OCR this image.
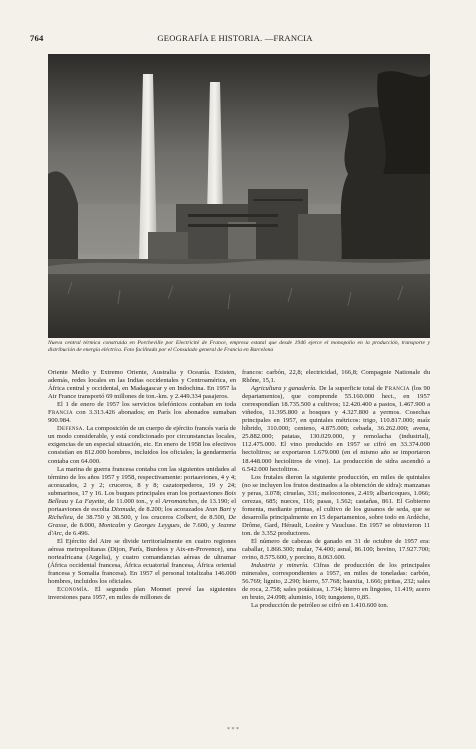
764	GEOGRAFÍA E HISTORIA. —FRANCIA
Nueva central térmica construida en Porcheville por Electricité de France, empresa estatal que desde 1946 ejerce el monopolio en la producción, transporte y distribución de energía eléctrica. Foto facilitada por el Consulado general de Francia en Barcelona

Oriente Medio y Extremo Oriente, Australia y Oceanía. Existen, además, redes locales en las Indias occidentales y Centroamérica, en África central y occidental, en Madagascar y en Indochina. En 1957 la Air France transportó 69 millones de ton.-km. y 2.449.334 pasajeros.

El 1 de enero de 1957 los servicios telefónicos contaban en toda Francia con 3.313.426 abonados; en París los abonados sumaban 900.984.

Defensa. La composición de un cuerpo de ejército francés varía de un modo considerable, y está condicionado por circunstancias locales, exigencias de un especial situación, etc. En enero de 1958 los efectivos consistían en 812.000 hombres, incluidos los oficiales; la gendarmería contaba con 64.000.

La marina de guerra francesa contaba con las siguientes unidades al término de los años 1957 y 1958, respectivamente: portaaviones, 4 y 4; acorazados, 2 y 2; cruceros, 8 y 8; cazatorpederos, 19 y 24; submarinos, 17 y 16. Los buques principales eran los portaaviones Bois Belleau y La Fayette, de 11.000 ton., y el Arromanches, de 13.190; el portaaviones de escolta Dixmude, de 8.200; los acorazados Jean Bart y Richelieu, de 38.750 y 38.500, y los cruceros Colbert, de 8.500, De Grasse, de 8.000, Montcalm y Georges Leygues, de 7.600, y Jeanne d'Arc, de 6.496.

El Ejército del Aire se divide territorialmente en cuatro regiones aéreas metropolitanas (Dijon, París, Burdeos y Aix-en-Provence), una norteafricana (Argelia), y cuatro comandancias aéreas de ultramar (África occidental francesa, África ecuatorial francesa, África oriental francesa y Somalia francesa). En 1957 el personal totalizaba 146.000 hombres, incluidos los oficiales.

Economía. El segundo plan Monnet prevé las siguientes inversiones para 1957, en miles de millones de

francos: carbón, 22,8; electricidad, 166,8; Compagnie Nationale du Rhône, 15,1.

Agricultura y ganadería. De la superficie total de Francia (los 90 departamentos), que comprende 55.160.000 hect., en 1957 correspondían 18.735.500 a cultivos; 12.420.400 a pastos, 1.467.900 a viñedos, 11.395.800 a bosques y 4.327.800 a yermos. Cosechas principales en 1957, en quintales métricos: trigo, 110.817.000; maíz híbrido, 310.000; centeno, 4.875.000; cebada, 36.262.000; avena, 25.882.000; patatas, 130.029.000, y remolacha (industrial), 112.475.000. El vino producido en 1957 se cifró en 33.374.000 hectolitros; se exportaron 1.679.000 (en el mismo año se importaron 18.448.000 hectolitros de vino). La producción de sidra ascendió a 6.542.000 hectolitros.

Los frutales dieron la siguiente producción, en miles de quintales (no se incluyen los frutos destinados a la obtención de sidra): manzanas y peras, 3.078; ciruelas, 331; melocotones, 2.419; albaricoques, 1.066; cerezas, 685; nueces, 116; pasas, 1.562; castañas, 861. El Gobierno fomenta, mediante primas, el cultivo de los gusanos de seda, que se desarrolla principalmente en 15 departamentos, sobre todo en Ardèche, Drôme, Gard, Hérault, Lozère y Vaucluse. En 1957 se obtuvieron 11 ton. de 3.352 productores.

El número de cabezas de ganado en 31 de octubre de 1957 era: caballar, 1.866.300; mular, 74.400; asnal, 86.100; bovino, 17.927.700; ovino, 8.575.600, y porcino, 8.063.600.

Industria y minería. Cifras de producción de los principales minerales, correspondientes a 1957, en miles de toneladas: carbón, 56.769; lignito, 2.290; hierro, 57.768; bauxita, 1.666; piritas, 232; sales de roca, 2.758; sales potásicas, 1.734; hierro en lingotes, 11.419; acero en bruto, 24.098; aluminio, 160; tungsteno, 0,85.

La producción de petróleo se cifró en 1.410.600 ton.

* * *
